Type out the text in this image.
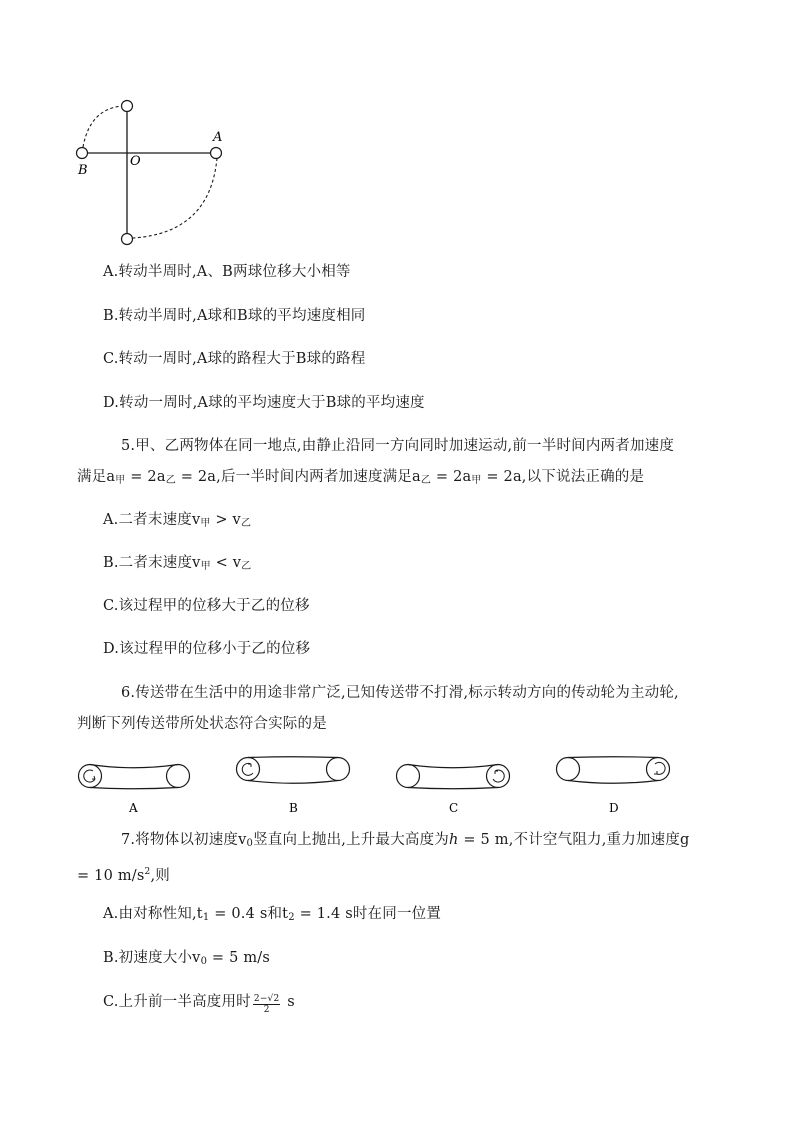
A
B
O
A.转动半周时,A、B两球位移大小相等
B.转动半周时,A球和B球的平均速度相同
C.转动一周时,A球的路程大于B球的路程
D.转动一周时,A球的平均速度大于B球的平均速度
5.甲、乙两物体在同一地点,由静止沿同一方向同时加速运动,前一半时间内两者加速度
满足$a_甲 = 2a_乙 = 2a$,后一半时间内两者加速度满足$a_乙 = 2a_甲 = 2a$,以下说法正确的是
A.二者末速度$v_甲 > v_乙$
B.二者末速度$v_甲 < v_乙$
C.该过程甲的位移大于乙的位移
D.该过程甲的位移小于乙的位移
6.传送带在生活中的用途非常广泛,已知传送带不打滑,标示转动方向的传动轮为主动轮,
判断下列传送带所处状态符合实际的是
A	B	C	D
7.将物体以初速度$v_0$竖直向上抛出,上升最大高度为h = 5 m,不计空气阻力,重力加速度g
= 10 $m/s^2$,则
A.由对称性知$,t_1 = 0.4$ s和$t_2 = 1.4$ s时在同一位置
B.初速度大小$v_0 = 5$ m/s
C.上升前一半高度用时 $\frac{2-√2}{2}$ s
